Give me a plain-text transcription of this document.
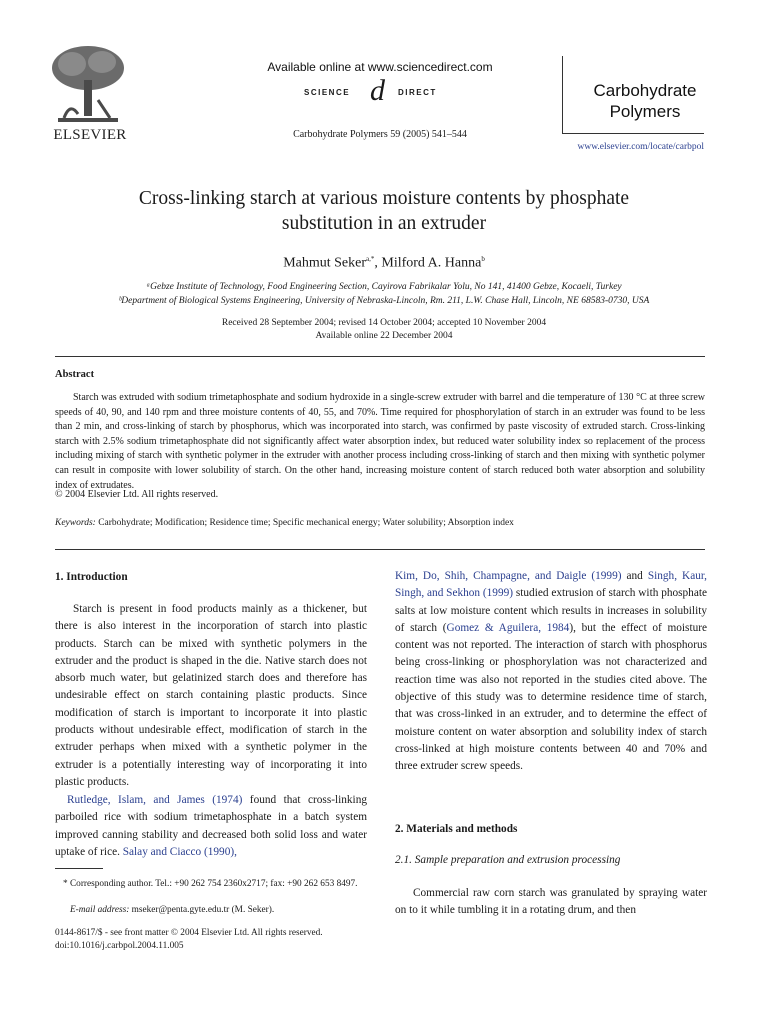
ELSEVIER
Available online at www.sciencedirect.com
SCIENCE d DIRECT
Carbohydrate Polymers 59 (2005) 541–544
Carbohydrate
Polymers
www.elsevier.com/locate/carbpol
Cross-linking starch at various moisture contents by phosphate
substitution in an extruder
Mahmut Seker$^{a,*}$, Milford A. Hanna$^b$
ᵃGebze Institute of Technology, Food Engineering Section, Cayirova Fabrikalar Yolu, No 141, 41400 Gebze, Kocaeli, Turkey
ᵇDepartment of Biological Systems Engineering, University of Nebraska-Lincoln, Rm. 211, L.W. Chase Hall, Lincoln, NE 68583-0730, USA
Received 28 September 2004; revised 14 October 2004; accepted 10 November 2004
Available online 22 December 2004
Abstract

Starch was extruded with sodium trimetaphosphate and sodium hydroxide in a single-screw extruder with barrel and die temperature of 130 °C at three screw speeds of 40, 90, and 140 rpm and three moisture contents of 40, 55, and 70%. Time required for phosphorylation of starch in an extruder was found to be less than 2 min, and cross-linking of starch by phosphorus, which was incorporated into starch, was confirmed by paste viscosity of extruded starch. Cross-linking starch with 2.5% sodium trimetaphosphate did not significantly affect water absorption index, but reduced water solubility index so replacement of the process including mixing of starch with synthetic polymer in the extruder with another process including cross-linking of starch and then mixing with synthetic polymer can result in composite with lower solubility of starch. On the other hand, increasing moisture content of starch reduced both water absorption and solubility index of extrudates.

© 2004 Elsevier Ltd. All rights reserved.
Keywords: Carbohydrate; Modification; Residence time; Specific mechanical energy; Water solubility; Absorption index
1. Introduction

Starch is present in food products mainly as a thickener, but there is also interest in the incorporation of starch into plastic products. Starch can be mixed with synthetic polymers in the extruder and the product is shaped in the die. Native starch does not absorb much water, but gelatinized starch does and therefore has undesirable effect on starch containing plastic products. Since modification of starch is important to incorporate it into plastic products without undesirable effect, modification of starch in the extruder perhaps when mixed with a synthetic polymer in the extruder is a potentially interesting way of incorporating it into plastic products.

Rutledge, Islam, and James (1974) found that cross-linking parboiled rice with sodium trimetaphosphate in a batch system improved canning stability and decreased both solid loss and water uptake of rice. Salay and Ciacco (1990),

* Corresponding author. Tel.: +90 262 754 2360x2717; fax: +90 262 653 8497.
E-mail address: mseker@penta.gyte.edu.tr (M. Seker).
0144-8617/$ - see front matter © 2004 Elsevier Ltd. All rights reserved.
doi:10.1016/j.carbpol.2004.11.005

Kim, Do, Shih, Champagne, and Daigle (1999) and Singh, Kaur, Singh, and Sekhon (1999) studied extrusion of starch with phosphate salts at low moisture content which results in increases in solubility of starch (Gomez & Aguilera, 1984), but the effect of moisture content was not reported. The interaction of starch with phosphorus being cross-linking or phosphorylation was not characterized and reaction time was also not reported in the studies cited above. The objective of this study was to determine residence time of starch, that was cross-linked in an extruder, and to determine the effect of moisture content on water absorption and solubility index of starch cross-linked at high moisture contents between 40 and 70% and three extruder screw speeds.

2. Materials and methods
2.1. Sample preparation and extrusion processing

Commercial raw corn starch was granulated by spraying water on to it while tumbling it in a rotating drum, and then
